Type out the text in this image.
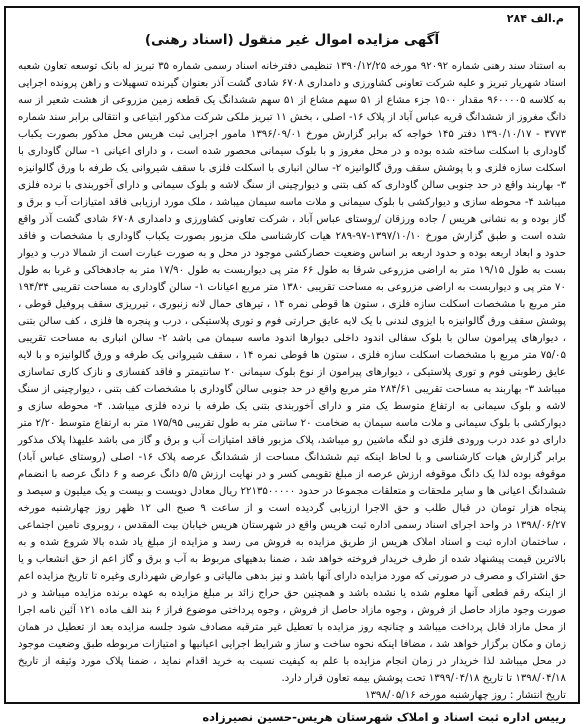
م.الف ۲۸۴
آگهی مزایده اموال غیر منقول (اسناد رهنی)

به استناد سند رهنی شماره ۹۲۰۹۲ مورخه ۱۳۹۰/۱۲/۲۵ تنظیمی دفترخانه اسناد رسمی شماره ۳۵ تبریز له بانک توسعه تعاون شعبه استاد شهریار تبریز و علیه شرکت تعاونی کشاورزی و دامداری ۶۷۰۸ شادی گشت آذر بعنوان گیرنده تسهیلات و راهن پرونده اجرایی به کلاسه ۹۶۰۰۰۰۵ مقدار ۱۵۰۰ جزء مشاع از ۵۱ سهم مشاع از ۵۱ سهم ششدانگ یک قطعه زمین مزروعی از هشت شعیر از سه دانگ مغروز از ششدانگ قریه عباس آباد از پلاک ۱۶- اصلی ، بخش ۱۱ تبریز ملکی شرکت مذکور ابتیاعی و انتقالی برابر سند شماره ۳۷۷۳ - ۱۳۹۰/۱۰/۱۷ دفتر ۱۴۵ خواجه که برابر گزارش مورخ ۱۳۹۶/۰۹/۰۱ مامور اجرایی ثبت هریس محل مذکور بصورت یکباب گاوداری با اسکلت ساخته شده بوده و در محل مغروز و با بلوک سیمانی محصور شده است ، و دارای اعیانی ۱- سالن گاوداری با اسکلت سازه فلزی و با پوشش سقف ورق گالوانیزه ۲- سالن انباری با اسکلت فلزی با سقف شیروانی یک طرفه با ورق گالوانیزه ۳- بهاربند واقع در حد جنوبی سالن گاوداری که کف بتنی و دیوارچینی از سنگ لاشه و بلوک سیمانی و دارای آخوربندی با نرده فلزی میباشد ۴- محوطه سازی و دیوارکشی با بلوک سیمانی و ملات ماسه سیمان میباشد ، ملک مورد ارزیابی فاقد امتیازات آب و برق و گاز بوده و به نشانی هریس / جاده ورزقان /روستای عباس آباد ، شرکت تعاونی کشاورزی و دامداری ۶۷۰۸ شادی گشت آذر واقع شده است و طبق گزارش مورخ ۱۳۹۷/۱۰/۱۰-۹۷-۲۸۹ هیات کارشناسی ملک مزبور بصورت یکباب گاوداری با مشخصات و فاقد حدود و ابعاد اربعه بوده و حدود اربعه بر اساس وضعیت حصارکشی موجود در محل و به صورت عبارت است از شمالا درب و دیوار بست به طول ۱۹/۱۵ متر به اراضی مزروعی شرقا به طول ۶۶ متر پی دیواربست به طول ۱۷/۹۰ متر به جادهخاکی و غربا به طول ۷۰ متر پی و دیواربست به اراضی مزروعی به مساحت تقریبی ۱۳۸۰ متر مربع اعیانات ۱- سالن گاوداری به مساحت تقریبی ۱۹۴/۳۴ متر مربع با مشخصات اسکلت سازه فلزی ، ستون ها قوطی نمره ۱۴ ، تیرهای حمال لانه زنبوری ، تیرریزی سقف پروفیل قوطی ، پوشش سقف ورق گالوانیزه با ایزوی لندنی با یک لایه عایق حرارتی فوم و توری پلاستیکی ، درب و پنجره ها فلزی ، کف سالن بتنی ، دیوارهای پیرامون سالن با بلوک سفالی اندود داخلی دیوارها اندود ماسه سیمان می باشد ۲- سالن انباری به مساحت تقریبی ۷۵/۰۵ متر مربع با مشخصات اسکلت سازه فلزی ، ستون ها قوطی نمره ۱۴ ، سقف شیروانی یک طرفه و ورق گالوانیزه و با لایه عایق رطوبتی فوم و توری پلاستیکی ، دیوارهای پیرامون از نوع بلوک سیمانی ۲۰ سانتیمتر و فاقد کفسازی و نازک کاری تماسازی میباشد ۳- بهاربند به مساحت تقریبی ۲۸۴/۶۱ متر مربع واقع در حد جنوبی سالن گاوداری با مشخصات کف بتنی ، دیوارچینی از سنگ لاشه و بلوک سیمانی به ارتفاع متوسط یک متر و دارای آخوربندی بتنی یک طرفه با نرده فلزی میباشد. ۴- محوطه سازی و دیوارکشی با بلوک سیمانی و ملات ماسه سیمان به ضخامت ۲۰ سانتی متر به طول تقریبی ۱۷۵/۹۵ متر به ارتفاع متوسط ۲/۲۰ متر دارای دو عدد درب ورودی فلزی دو لنگه ماشین رو میباشد، پلاک مزبور فاقد امتیازات آب و برق و گاز می باشد علیهذا پلاک مذکور برابر گزارش هیات کارشناسی و با لحاظ اینکه تیم ششدانگ مساحت از ششدانگ عرصه پلاک ۱۶- اصلی (روستای عباس آباد) موقوفه بوده لذا یک دانگ موقوفه ارزش عرصه از مبلغ تقویمی کسر و در نهایت ارزش ۵/۵ دانگ عرصه و ۶ دانگ عرصه با انضمام ششدانگ اعیانی ها و سایر ملحقات و متعلقات مجموعا در حدود ۲۲۱۳۵۰۰۰۰۰ ریال معادل دویست و بیست و یک میلیون و سیصد و پنجاه هزار تومان در قبال طلب و حق الاجرا ارزیابی گردیده است و از ساعت ۹ صبح الی ۱۲ ظهر روز چهارشنبه مورخه ۱۳۹۸/۰۶/۲۷ در واحد اجرای اسناد رسمی اداره ثبت هریس واقع در شهرستان هریس خیابان بیت المقدس ، روبروی تامین اجتماعی ، ساختمان اداره ثبت و اسناد املاک هریس از طریق مزایده به فروش می رسد و مزایده از مبلغ یاد شده بالا شروع شده و به بالاترین قیمت پیشنهاد شده از طرف خریدار فروخته خواهد شد ، ضمنا بدهیهای مربوط به آب و برق و گاز اعم از حق انشعاب و یا حق اشتراک و مصرف در صورتی که مورد مزایده دارای آنها باشد و نیز بدهی مالیاتی و عوارض شهرداری وغیره تا تاریخ مزایده اعم از اینکه رقم قطعی آنها معلوم شده یا نشده باشد و همچنین حق حراج زائد بر مبلغ مزایده به عهده برنده مزایده میباشد و در صورت وجود مازاد حاصل از فروش ، وجوه مازاد حاصل از فروش ، وجوه پرداختی موضوع فراز ۶ بند الف ماده ۱۲۱ آئین نامه اجرا از محل مازاد قابل پرداخت میباشد و چنانچه روز مزایده با تعطیل غیر مترقبه مصادف شود جلسه مزایده بعد از تعطیل در همان زمان و مکان برگزار خواهد شد ، مضافا اینکه نحوه ساخت و ساز و شرایط اجرایی اعیانیها و امتیازات مربوطه طبق وضعیت موجود در محل میباشد لذا خریدار در زمان انجام مزایده با علم به کیفیت نسبت به خرید اقدام نماید ، ضمنا پلاک مورد وثیقه از تاریخ ۱۳۹۸/۰۴/۱۸ تا تاریخ ۱۳۹۹/۰۴/۱۸ تحت پوشش بیمه تعاون قرار دارد.

تاریخ انتشار : روز چهارشنبه مورخه ۱۳۹۸/۰۵/۱۶

رییس اداره ثبت اسناد و املاک شهرستان هریس-حسین نصیرزاده
